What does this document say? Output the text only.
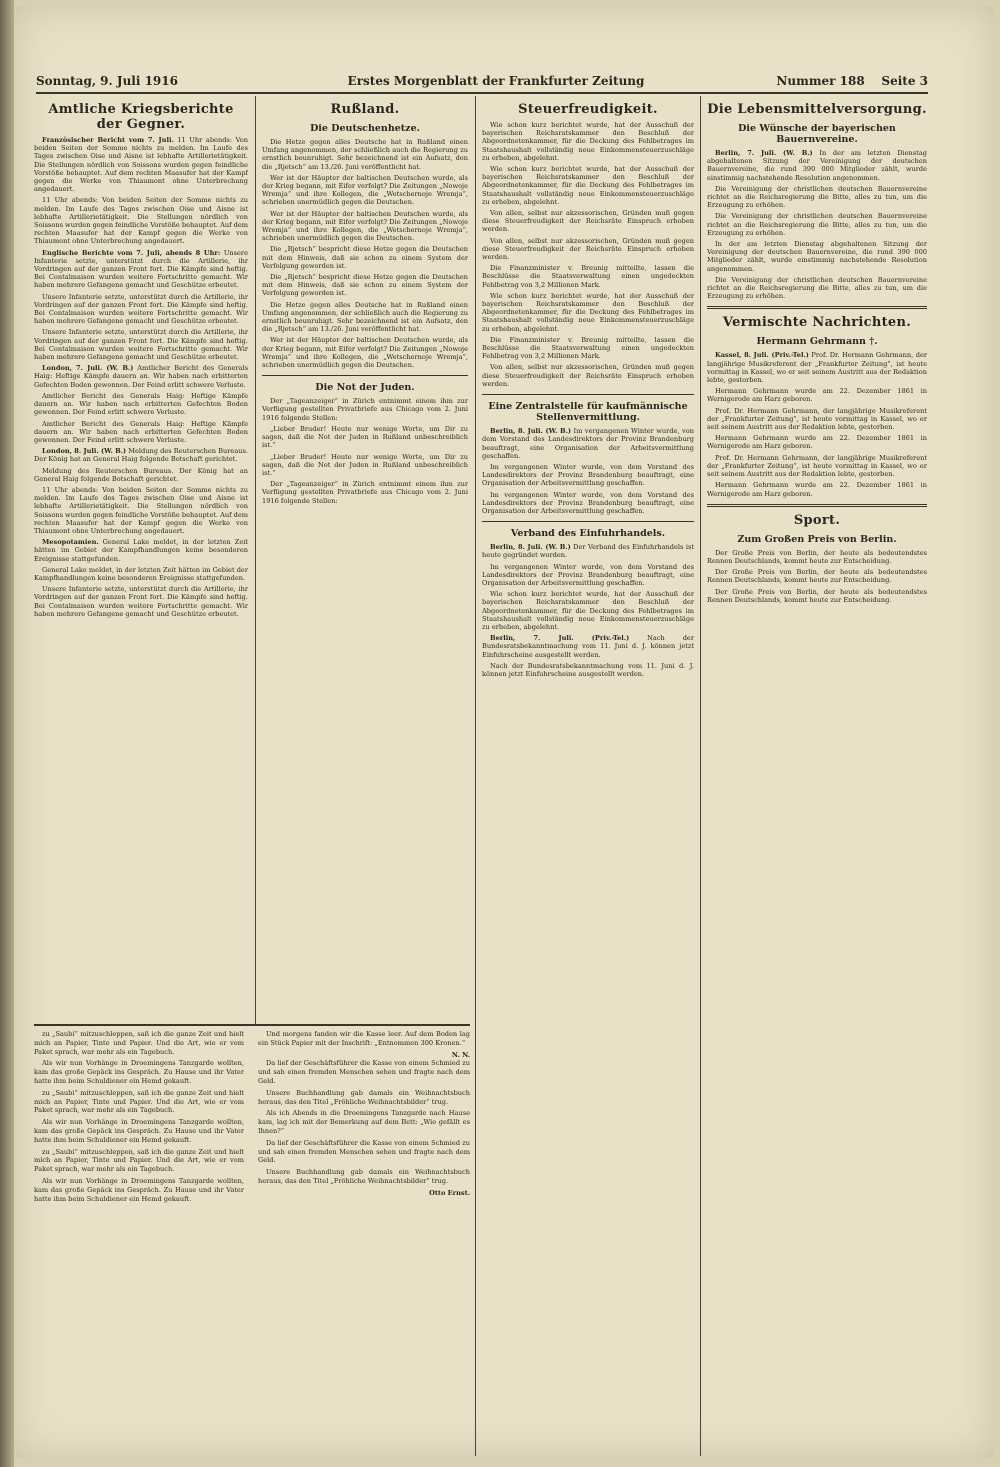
Sonntag, 9. Juli 1916	Erstes Morgenblatt der Frankfurter Zeitung	Nummer 188 Seite 3
Amtliche Kriegsberichte der Gegner.

Französischer Bericht vom 7. Juli. 11 Uhr abends: Von beiden Seiten der Somme nichts zu melden. Im Laufe des Tages zwischen Oise und Aisne ist lebhafte Artillerietätigkeit. Die Stellungen nördlich von Soissons wurden gegen feindliche Vorstöße behauptet. Auf dem rechten Maasufer hat der Kampf gegen die Werke von Thiaumont ohne Unterbrechung angedauert.

11 Uhr abends: Von beiden Seiten der Somme nichts zu melden. Im Laufe des Tages zwischen Oise und Aisne ist lebhafte Artillerietätigkeit. Die Stellungen nördlich von Soissons wurden gegen feindliche Vorstöße behauptet. Auf dem rechten Maasufer hat der Kampf gegen die Werke von Thiaumont ohne Unterbrechung angedauert.

Englische Berichte vom 7. Juli, abends 8 Uhr: Unsere Infanterie setzte, unterstützt durch die Artillerie, ihr Vordringen auf der ganzen Front fort. Die Kämpfe sind heftig. Bei Contalmaison wurden weitere Fortschritte gemacht. Wir haben mehrere Gefangene gemacht und Geschütze erbeutet.

Unsere Infanterie setzte, unterstützt durch die Artillerie, ihr Vordringen auf der ganzen Front fort. Die Kämpfe sind heftig. Bei Contalmaison wurden weitere Fortschritte gemacht. Wir haben mehrere Gefangene gemacht und Geschütze erbeutet.

Unsere Infanterie setzte, unterstützt durch die Artillerie, ihr Vordringen auf der ganzen Front fort. Die Kämpfe sind heftig. Bei Contalmaison wurden weitere Fortschritte gemacht. Wir haben mehrere Gefangene gemacht und Geschütze erbeutet.

London, 7. Juli. (W. B.) Amtlicher Bericht des Generals Haig: Heftige Kämpfe dauern an. Wir haben nach erbitterten Gefechten Boden gewonnen. Der Feind erlitt schwere Verluste.

Amtlicher Bericht des Generals Haig: Heftige Kämpfe dauern an. Wir haben nach erbitterten Gefechten Boden gewonnen. Der Feind erlitt schwere Verluste.

Amtlicher Bericht des Generals Haig: Heftige Kämpfe dauern an. Wir haben nach erbitterten Gefechten Boden gewonnen. Der Feind erlitt schwere Verluste.

London, 8. Juli. (W. B.) Meldung des Reuterschen Bureaus. Der König hat an General Haig folgende Botschaft gerichtet.

Meldung des Reuterschen Bureaus. Der König hat an General Haig folgende Botschaft gerichtet.

11 Uhr abends: Von beiden Seiten der Somme nichts zu melden. Im Laufe des Tages zwischen Oise und Aisne ist lebhafte Artillerietätigkeit. Die Stellungen nördlich von Soissons wurden gegen feindliche Vorstöße behauptet. Auf dem rechten Maasufer hat der Kampf gegen die Werke von Thiaumont ohne Unterbrechung angedauert.

Mesopotamien. General Lake meldet, in der letzten Zeit hätten im Gebiet der Kampfhandlungen keine besonderen Ereignisse stattgefunden.

General Lake meldet, in der letzten Zeit hätten im Gebiet der Kampfhandlungen keine besonderen Ereignisse stattgefunden.

Unsere Infanterie setzte, unterstützt durch die Artillerie, ihr Vordringen auf der ganzen Front fort. Die Kämpfe sind heftig. Bei Contalmaison wurden weitere Fortschritte gemacht. Wir haben mehrere Gefangene gemacht und Geschütze erbeutet.

Rußland.
Die Deutschenhetze.

Die Hetze gegen alles Deutsche hat in Rußland einen Umfang angenommen, der schließlich auch die Regierung zu ernstlich beunruhigt. Sehr bezeichnend ist ein Aufsatz, den die „Rjetsch“ am 13./26. Juni veröffentlicht hat.

Wer ist der Häupter der baltischen Deutschen wurde, als der Krieg begann, mit Eifer verfolgt? Die Zeitungen „Nowoje Wremja“ und ihre Kollegen, die „Wetschernoje Wremja“, schrieben unermüdlich gegen die Deutschen.

Wer ist der Häupter der baltischen Deutschen wurde, als der Krieg begann, mit Eifer verfolgt? Die Zeitungen „Nowoje Wremja“ und ihre Kollegen, die „Wetschernoje Wremja“, schrieben unermüdlich gegen die Deutschen.

Die „Rjetsch“ bespricht diese Hetze gegen die Deutschen mit dem Hinweis, daß sie schon zu einem System der Verfolgung geworden ist.

Die „Rjetsch“ bespricht diese Hetze gegen die Deutschen mit dem Hinweis, daß sie schon zu einem System der Verfolgung geworden ist.

Die Hetze gegen alles Deutsche hat in Rußland einen Umfang angenommen, der schließlich auch die Regierung zu ernstlich beunruhigt. Sehr bezeichnend ist ein Aufsatz, den die „Rjetsch“ am 13./26. Juni veröffentlicht hat.

Wer ist der Häupter der baltischen Deutschen wurde, als der Krieg begann, mit Eifer verfolgt? Die Zeitungen „Nowoje Wremja“ und ihre Kollegen, die „Wetschernoje Wremja“, schrieben unermüdlich gegen die Deutschen.

Die Not der Juden.

Der „Tageanzeiger“ in Zürich entnimmt einem ihm zur Verfügung gestellten Privatbriefe aus Chicago vom 2. Juni 1916 folgende Stellen:

„Lieber Bruder! Heute nur wenige Worte, um Dir zu sagen, daß die Not der Juden in Rußland unbeschreiblich ist.“

„Lieber Bruder! Heute nur wenige Worte, um Dir zu sagen, daß die Not der Juden in Rußland unbeschreiblich ist.“

Der „Tageanzeiger“ in Zürich entnimmt einem ihm zur Verfügung gestellten Privatbriefe aus Chicago vom 2. Juni 1916 folgende Stellen:

Steuerfreudigkeit.

Wie schon kurz berichtet wurde, hat der Ausschuß der bayerischen Reichsratskammer den Beschluß der Abgeordnetenkammer, für die Deckung des Fehlbetrages im Staatshaushalt vollständig neue Einkommensteuerzuschläge zu erheben, abgelehnt.

Wie schon kurz berichtet wurde, hat der Ausschuß der bayerischen Reichsratskammer den Beschluß der Abgeordnetenkammer, für die Deckung des Fehlbetrages im Staatshaushalt vollständig neue Einkommensteuerzuschläge zu erheben, abgelehnt.

Von allen, selbst nur akzessorischen, Gründen muß gegen diese Steuerfreudigkeit der Reichsräte Einspruch erhoben werden.

Von allen, selbst nur akzessorischen, Gründen muß gegen diese Steuerfreudigkeit der Reichsräte Einspruch erhoben werden.

Die Finanzminister v. Breunig mitteilte, lassen die Beschlüsse die Staatsverwaltung einen ungedeckten Fehlbetrag von 3,2 Millionen Mark.

Wie schon kurz berichtet wurde, hat der Ausschuß der bayerischen Reichsratskammer den Beschluß der Abgeordnetenkammer, für die Deckung des Fehlbetrages im Staatshaushalt vollständig neue Einkommensteuerzuschläge zu erheben, abgelehnt.

Die Finanzminister v. Breunig mitteilte, lassen die Beschlüsse die Staatsverwaltung einen ungedeckten Fehlbetrag von 3,2 Millionen Mark.

Von allen, selbst nur akzessorischen, Gründen muß gegen diese Steuerfreudigkeit der Reichsräte Einspruch erhoben werden.

Eine Zentralstelle für kaufmännische Stellenvermittlung.

Berlin, 8. Juli. (W. B.) Im vergangenen Winter wurde, von dem Vorstand des Landesdirektors der Provinz Brandenburg beauftragt, eine Organisation der Arbeitsvermittlung geschaffen.

Im vergangenen Winter wurde, von dem Vorstand des Landesdirektors der Provinz Brandenburg beauftragt, eine Organisation der Arbeitsvermittlung geschaffen.

Im vergangenen Winter wurde, von dem Vorstand des Landesdirektors der Provinz Brandenburg beauftragt, eine Organisation der Arbeitsvermittlung geschaffen.

Verband des Einfuhrhandels.

Berlin, 8. Juli. (W. B.) Der Verband des Einfuhrhandels ist heute gegründet worden.

Im vergangenen Winter wurde, von dem Vorstand des Landesdirektors der Provinz Brandenburg beauftragt, eine Organisation der Arbeitsvermittlung geschaffen.

Wie schon kurz berichtet wurde, hat der Ausschuß der bayerischen Reichsratskammer den Beschluß der Abgeordnetenkammer, für die Deckung des Fehlbetrages im Staatshaushalt vollständig neue Einkommensteuerzuschläge zu erheben, abgelehnt.

Berlin, 7. Juli. (Priv.-Tel.)	Nach der Bundesratsbekanntmachung vom 11. Juni d. J. können jetzt Einfuhrscheine ausgestellt werden.

Nach der Bundesratsbekanntmachung vom 11. Juni d. J. können jetzt Einfuhrscheine ausgestellt werden.

Die Lebensmittelversorgung.
Die Wünsche der bayerischen Bauernvereine.

Berlin, 7. Juli. (W. B.) In der am letzten Dienstag abgehaltenen Sitzung der Vereinigung der deutschen Bauernvereine, die rund 390 000 Mitglieder zählt, wurde einstimmig nachstehende Resolution angenommen.

Die Vereinigung der christlichen deutschen Bauernvereine richtet an die Reichsregierung die Bitte, alles zu tun, um die Erzeugung zu erhöhen.

Die Vereinigung der christlichen deutschen Bauernvereine richtet an die Reichsregierung die Bitte, alles zu tun, um die Erzeugung zu erhöhen.

In der am letzten Dienstag abgehaltenen Sitzung der Vereinigung der deutschen Bauernvereine, die rund 390 000 Mitglieder zählt, wurde einstimmig nachstehende Resolution angenommen.

Die Vereinigung der christlichen deutschen Bauernvereine richtet an die Reichsregierung die Bitte, alles zu tun, um die Erzeugung zu erhöhen.

Vermischte Nachrichten.
Hermann Gehrmann †.

Kassel, 8. Juli. (Priv.-Tel.) Prof. Dr. Hermann Gehrmann, der langjährige Musikreferent der „Frankfurter Zeitung“, ist heute vormittag in Kassel, wo er seit seinem Austritt aus der Redaktion lebte, gestorben.

Hermann Gehrmann wurde am 22. Dezember 1861 in Wernigerode am Harz geboren.

Prof. Dr. Hermann Gehrmann, der langjährige Musikreferent der „Frankfurter Zeitung“, ist heute vormittag in Kassel, wo er seit seinem Austritt aus der Redaktion lebte, gestorben.

Hermann Gehrmann wurde am 22. Dezember 1861 in Wernigerode am Harz geboren.

Prof. Dr. Hermann Gehrmann, der langjährige Musikreferent der „Frankfurter Zeitung“, ist heute vormittag in Kassel, wo er seit seinem Austritt aus der Redaktion lebte, gestorben.

Hermann Gehrmann wurde am 22. Dezember 1861 in Wernigerode am Harz geboren.

Sport.
Zum Großen Preis von Berlin.

Der Große Preis von Berlin, der heute als bedeutendstes Rennen Deutschlands, kommt heute zur Entscheidung.

Der Große Preis von Berlin, der heute als bedeutendstes Rennen Deutschlands, kommt heute zur Entscheidung.

Der Große Preis von Berlin, der heute als bedeutendstes Rennen Deutschlands, kommt heute zur Entscheidung.

zu „Saubi“ mitzuschleppen, saß ich die ganze Zeit und hielt mich an Papier, Tinte und Papier. Und die Art, wie er vom Paket sprach, war mehr als ein Tagebuch.

Als wir nun Vorhänge in Droemingens Tanzgarde wollten, kam das große Gepäck ins Gespräch. Zu Hause und ihr Vater hatte ihm beim Schuldiener ein Hemd gekauft.

zu „Saubi“ mitzuschleppen, saß ich die ganze Zeit und hielt mich an Papier, Tinte und Papier. Und die Art, wie er vom Paket sprach, war mehr als ein Tagebuch.

Als wir nun Vorhänge in Droemingens Tanzgarde wollten, kam das große Gepäck ins Gespräch. Zu Hause und ihr Vater hatte ihm beim Schuldiener ein Hemd gekauft.

zu „Saubi“ mitzuschleppen, saß ich die ganze Zeit und hielt mich an Papier, Tinte und Papier. Und die Art, wie er vom Paket sprach, war mehr als ein Tagebuch.

Als wir nun Vorhänge in Droemingens Tanzgarde wollten, kam das große Gepäck ins Gespräch. Zu Hause und ihr Vater hatte ihm beim Schuldiener ein Hemd gekauft.

Und morgens fanden wir die Kasse leer. Auf dem Boden lag ein Stück Papier mit der Inschrift: „Entnommen 300 Kronen.“

N. N.

Da lief der Geschäftsführer die Kasse von einem Schmied zu und sah einen fremden Menschen sehen und fragte nach dem Geld.

Unsere Buchhandlung gab damals ein Weihnachtsbuch heraus, das den Titel „Fröhliche Weihnachtsbilder“ trug.

Als ich Abends in die Droemingens Tanzgarde nach Hause kam, lag ich mit der Bemerkung auf dem Bett: „Wie gefällt es Ihnen?“

Da lief der Geschäftsführer die Kasse von einem Schmied zu und sah einen fremden Menschen sehen und fragte nach dem Geld.

Unsere Buchhandlung gab damals ein Weihnachtsbuch heraus, das den Titel „Fröhliche Weihnachtsbilder“ trug.

Otto Ernst.
